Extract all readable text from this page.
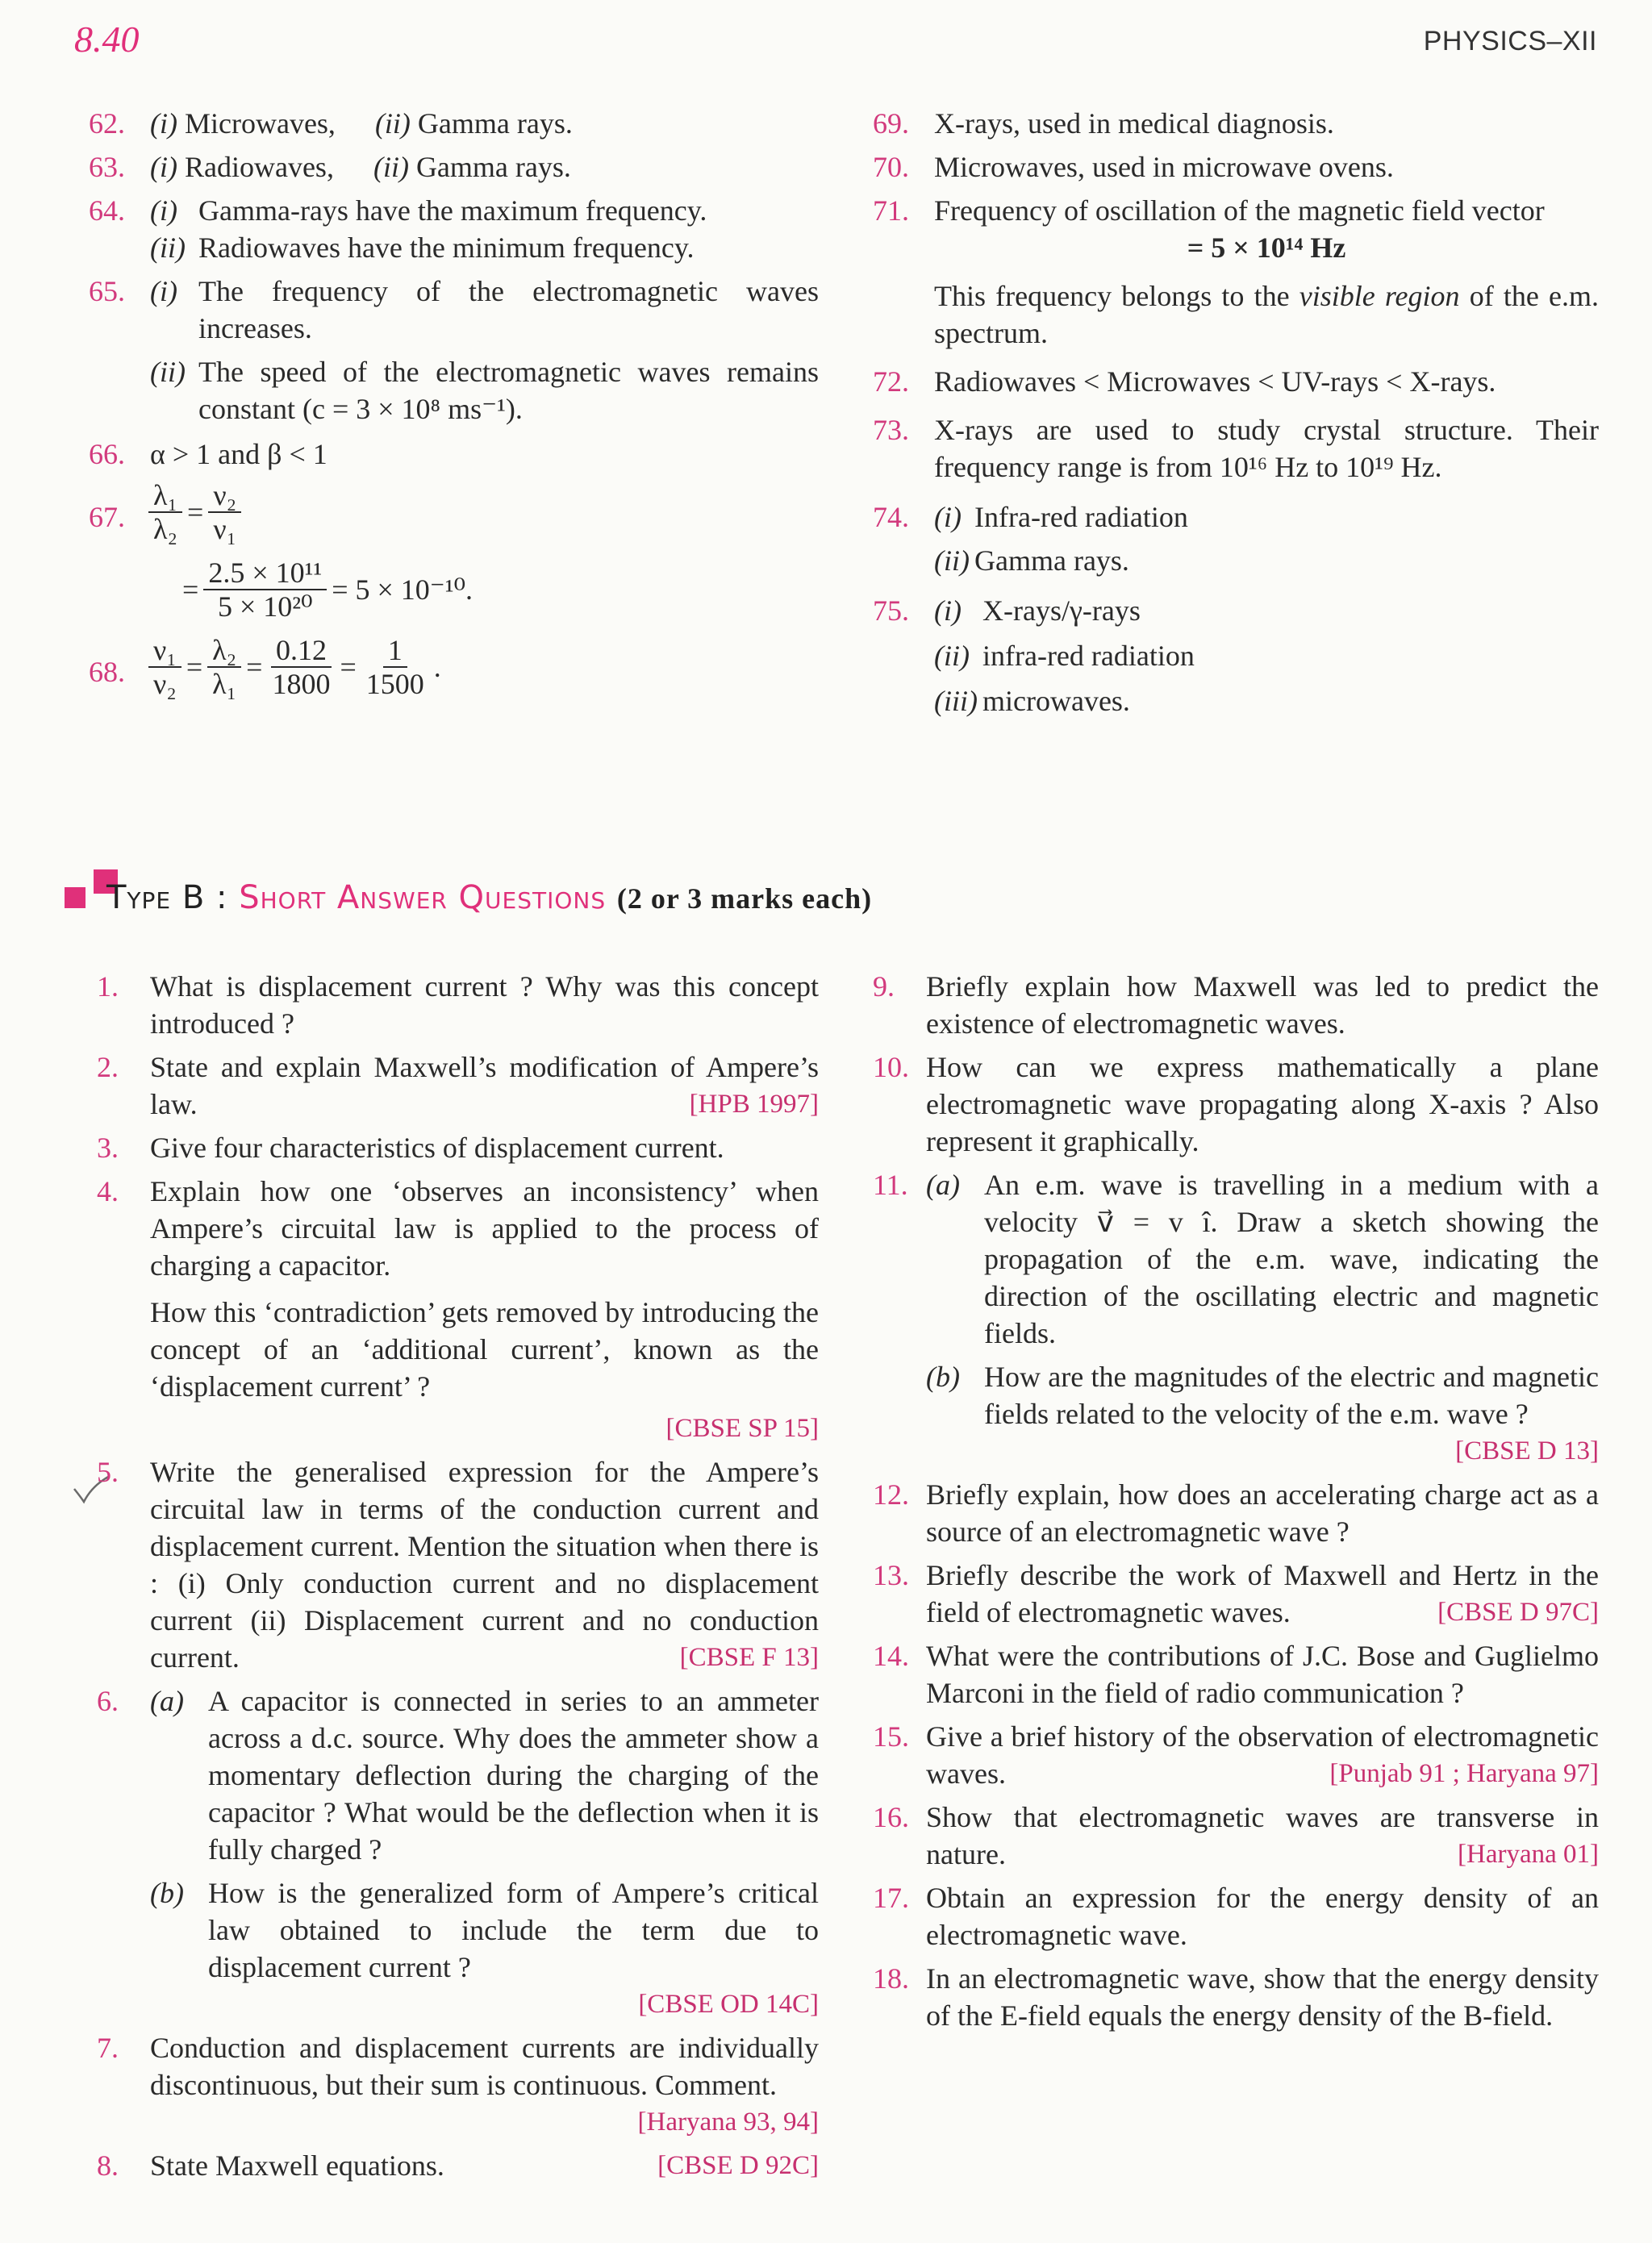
8.40	PHYSICS–XII
62. (i) Microwaves, (ii) Gamma rays.
63. (i) Radiowaves, (ii) Gamma rays.
64. (i) Gamma-rays have the maximum frequency.
(ii) Radiowaves have the minimum frequency.
65. (i) The frequency of the electromagnetic waves increases.
(ii) The speed of the electromagnetic waves remains constant (c = 3 × 10⁸ ms⁻¹).
66. α > 1 and β < 1
67. $\frac{\text{λ₁}}{\text{λ₂}} = \frac{\text{ν₂}}{\text{ν₁}}$
= $\frac{\text{2.5 × 10¹¹}}{\text{5 × 10²⁰}} = 5 \times 10^{-10}$.
68. $\frac{\text{ν₁}}{\text{ν₂}} = \frac{\text{λ₂}}{\text{λ₁}} = \frac{0.12}{1800} = \frac{1}{1500}$ .
69. X-rays, used in medical diagnosis.
70. Microwaves, used in microwave ovens.
71. Frequency of oscillation of the magnetic field vector
= 5 × 10¹⁴ Hz
This frequency belongs to the visible region of the e.m. spectrum.
72. Radiowaves < Microwaves < UV-rays < X-rays.
73. X-rays are used to study crystal structure. Their frequency range is from 10¹⁶ Hz to 10¹⁹ Hz.
74. (i) Infra-red radiation
(ii) Gamma rays.
75. (i) X-rays/γ-rays
(ii) infra-red radiation
(iii) microwaves.
Type B : Short Answer Questions (2 or 3 marks each)
1. What is displacement current ? Why was this concept introduced ?
2. State and explain Maxwell’s modification of Ampere’s law.	[HPB 1997]
3. Give four characteristics of displacement current.
4. Explain how one ‘observes an inconsistency’ when Ampere’s circuital law is applied to the process of charging a capacitor.
How this ‘contradiction’ gets removed by introducing the concept of an ‘additional current’, known as the ‘displacement current’ ?
[CBSE SP 15]
5. Write the generalised expression for the Ampere’s circuital law in terms of the conduction current and displacement current. Mention the situation when there is : (i) Only conduction current and no displacement current (ii) Displacement current and no conduction current.	[CBSE F 13]
6. (a) A capacitor is connected in series to an ammeter across a d.c. source. Why does the ammeter show a momentary deflection during the charging of the capacitor ? What would be the deflection when it is fully charged ?
(b) How is the generalized form of Ampere’s critical law obtained to include the term due to displacement current ?
[CBSE OD 14C]
7. Conduction and displacement currents are individually discontinuous, but their sum is continuous. Comment.
[Haryana 93, 94]
8. State Maxwell equations.	[CBSE D 92C]
9. Briefly explain how Maxwell was led to predict the existence of electromagnetic waves.
10. How can we express mathematically a plane electromagnetic wave propagating along X-axis ? Also represent it graphically.
11. (a) An e.m. wave is travelling in a medium with a velocity v⃗ = v î. Draw a sketch showing the propagation of the e.m. wave, indicating the direction of the oscillating electric and magnetic fields.
(b) How are the magnitudes of the electric and magnetic fields related to the velocity of the e.m. wave ?
[CBSE D 13]
12. Briefly explain, how does an accelerating charge act as a source of an electromagnetic wave ?
13. Briefly describe the work of Maxwell and Hertz in the field of electromagnetic waves.	[CBSE D 97C]
14. What were the contributions of J.C. Bose and Guglielmo Marconi in the field of radio communication ?
15. Give a brief history of the observation of electromagnetic waves.	[Punjab 91 ; Haryana 97]
16. Show that electromagnetic waves are transverse in nature.	[Haryana 01]
17. Obtain an expression for the energy density of an electromagnetic wave.
18. In an electromagnetic wave, show that the energy density of the E-field equals the energy density of the B-field.
